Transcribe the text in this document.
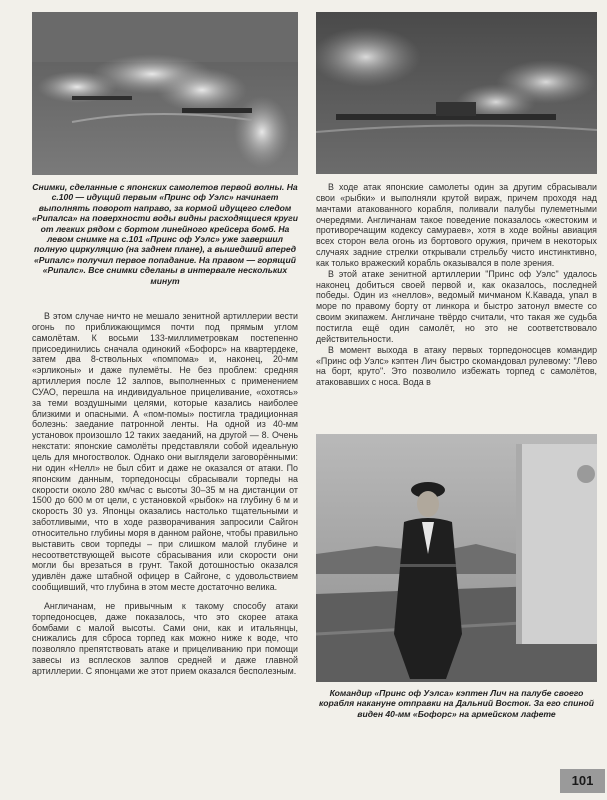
Снимки, сделанные с японских самолетов первой волны. На с.100 — идущий первым «Принс оф Уэлс» начинает выполнять поворот направо, за кормой идущего следом «Рипалса» на поверхности воды видны расходящиеся круги от легких рядом с бортом линейного крейсера бомб. На левом снимке на с.101 «Принс оф Уэлс» уже завершил полную циркуляцию (на заднем плане), а вышедший вперед «Рипалс» получил первое попадание. На правом — горящий «Рипалс». Все снимки сделаны в интервале нескольких минут

В этом случае ничто не мешало зенитной артиллерии вести огонь по приближающимся почти под прямым углом самолётам. К восьми 133-миллиметровкам постепенно присоединились сначала одинокий «Бофорс» на квартердеке, затем два 8-ствольных «помпома» и, наконец, 20-мм «эрликоны» и даже пулемёты. Не без проблем: средняя артиллерия после 12 залпов, выполненных с применением СУАО, перешла на индивидуальное прицеливание, «охотясь» за теми воздушными целями, которые казались наиболее близкими и опасными. А «пом-помы» постигла традиционная болезнь: заедание патронной ленты. На одной из 40-мм установок произошло 12 таких заеданий, на другой — 8. Очень некстати: японские самолёты представляли собой идеальную цель для многостволок. Однако они выглядели заговорёнными: ни один «Нелл» не был сбит и даже не оказался от атаки. По японским данным, торпедоносцы сбрасывали торпеды на скорости около 280 км/час с высоты 30–35 м на дистанции от 1500 до 600 м от цели, с установкой «рыбок» на глубину 6 м и скорость 30 уз. Японцы оказались настолько тщательными и заботливыми, что в ходе разворачивания запросили Сайгон относительно глубины моря в данном районе, чтобы правильно выставить свои торпеды – при слишком малой глубине и несоответствующей высоте сбрасывания или скорости они могли бы врезаться в грунт. Такой дотошностью оказался удивлён даже штабной офицер в Сайгоне, с удовольствием сообщивший, что глубина в этом месте достаточно велика.

Англичанам, не привычным к такому способу атаки торпедоносцев, даже показалось, что это скорее атака бомбами с малой высоты. Сами они, как и итальянцы, снижались для сброса торпед как можно ниже к воде, что позволяло препятствовать атаке и прицеливанию при помощи завесы из всплесков залпов средней и даже главной артиллерии. С японцами же этот прием оказался бесполезным.

В ходе атак японские самолеты один за другим сбрасывали свои «рыбки» и выполняли крутой вираж, причем проходя над мачтами атакованного корабля, поливали палубы пулеметными очередями. Англичанам такое поведение показалось «жестоким и противоречащим кодексу самураев», хотя в ходе войны авиация всех сторон вела огонь из бортового оружия, причем в некоторых случаях задние стрелки открывали стрельбу чисто инстинктивно, как только вражеский корабль оказывался в поле зрения.

В этой атаке зенитной артиллерии "Принс оф Уэлс" удалось наконец добиться своей первой и, как оказалось, последней победы. Один из «неллов», ведомый мичманом К.Кавада, упал в море по правому борту от линкора и быстро затонул вместе со своим экипажем. Англичане твёрдо считали, что такая же судьба постигла ещё один самолёт, но это не соответствовало действительности.

В момент выхода в атаку первых торпедоносцев командир «Принс оф Уэлс» кэптен Лич быстро скомандовал рулевому: "Лево на борт, круто". Это позволило избежать торпед с самолётов, атаковавших с носа. Вода в

Командир «Принс оф Уэлса» кэптен Лич на палубе своего корабля накануне отправки на Дальний Восток. За его спиной виден 40-мм «Бофорс» на армейском лафете

101
